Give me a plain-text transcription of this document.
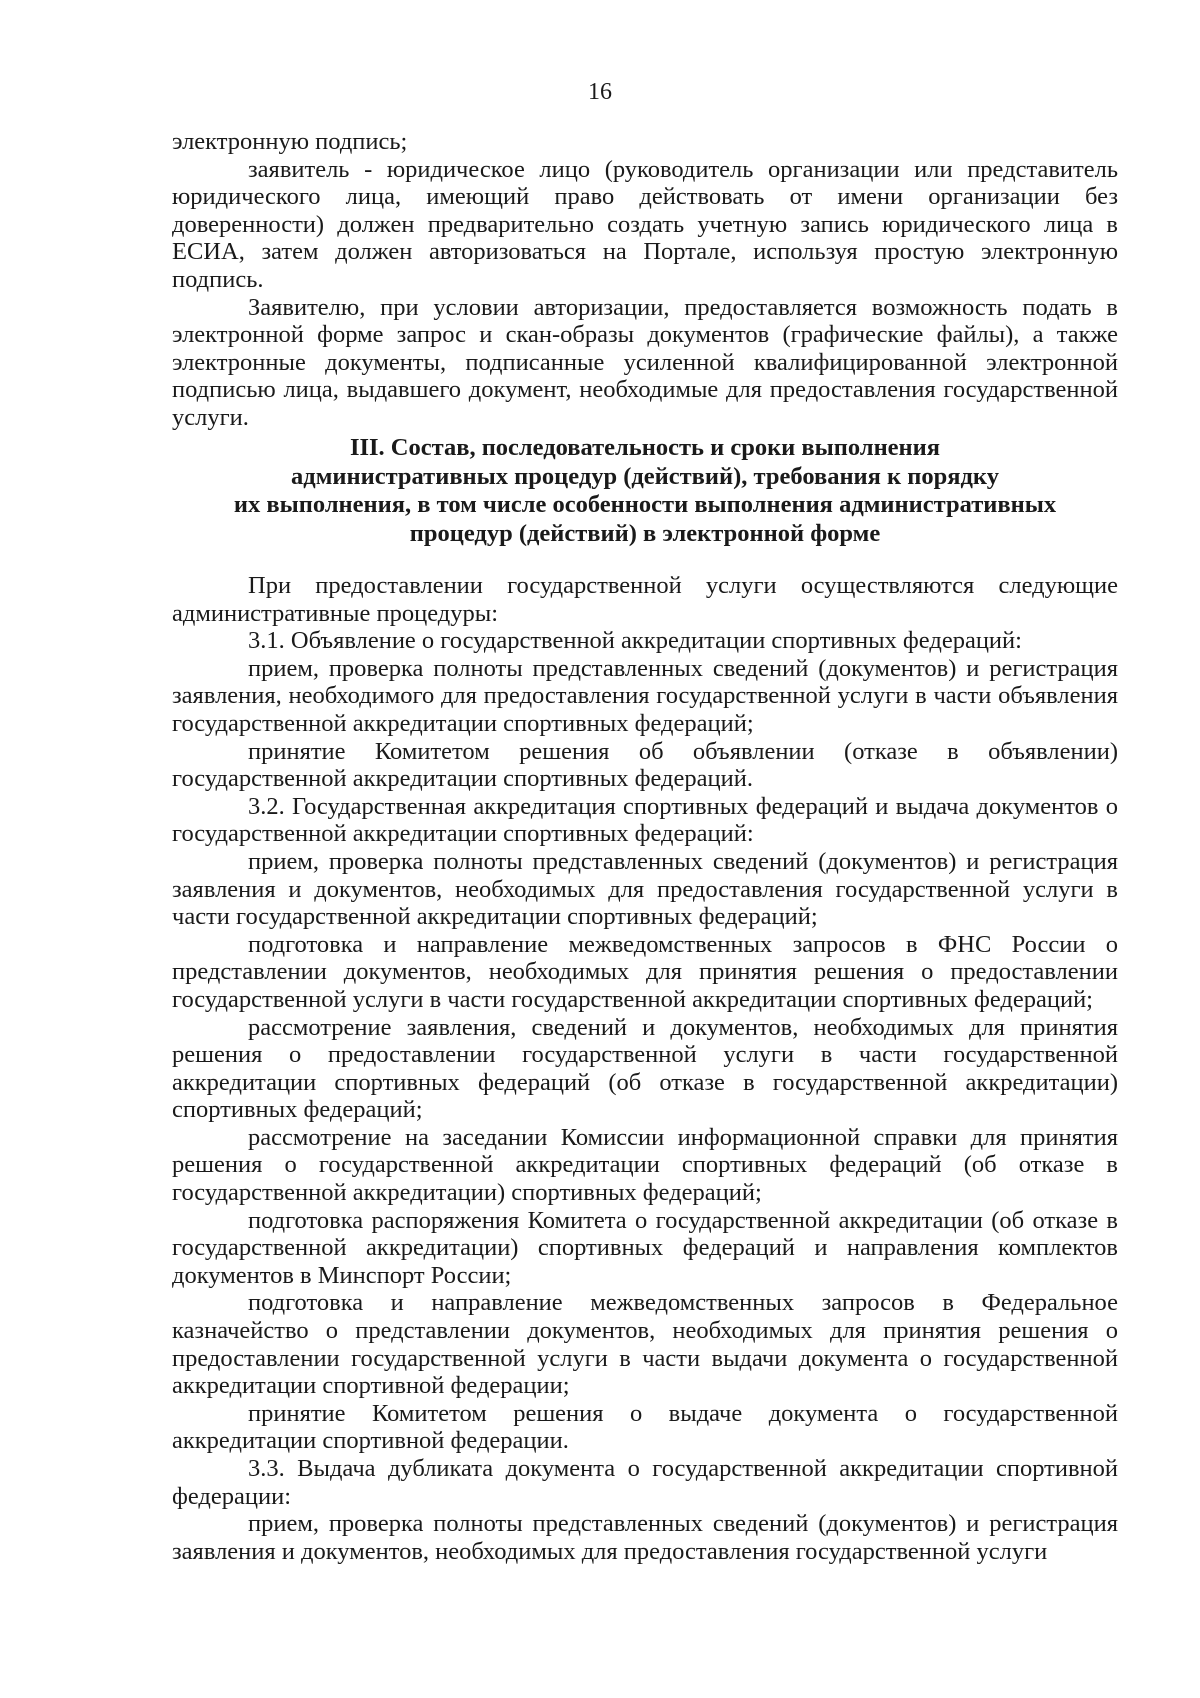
16

электронную подпись;

заявитель - юридическое лицо (руководитель организации или представитель юридического лица, имеющий право действовать от имени организации без доверенности) должен предварительно создать учетную запись юридического лица в ЕСИА, затем должен авторизоваться на Портале, используя простую электронную подпись.

Заявителю, при условии авторизации, предоставляется возможность подать в электронной форме запрос и скан-образы документов (графические файлы), а также электронные документы, подписанные усиленной квалифицированной электронной подписью лица, выдавшего документ, необходимые для предоставления государственной услуги.

III. Состав, последовательность и сроки выполнения
административных процедур (действий), требования к порядку
их выполнения, в том числе особенности выполнения административных
процедур (действий) в электронной форме

При предоставлении государственной услуги осуществляются следующие административные процедуры:

3.1. Объявление о государственной аккредитации спортивных федераций:

прием, проверка полноты представленных сведений (документов) и регистрация заявления, необходимого для предоставления государственной услуги в части объявления государственной аккредитации спортивных федераций;

принятие Комитетом решения об объявлении (отказе в объявлении) государственной аккредитации спортивных федераций.

3.2. Государственная аккредитация спортивных федераций и выдача документов о государственной аккредитации спортивных федераций:

прием, проверка полноты представленных сведений (документов) и регистрация заявления и документов, необходимых для предоставления государственной услуги в части государственной аккредитации спортивных федераций;

подготовка и направление межведомственных запросов в ФНС России о представлении документов, необходимых для принятия решения о предоставлении государственной услуги в части государственной аккредитации спортивных федераций;

рассмотрение заявления, сведений и документов, необходимых для принятия решения о предоставлении государственной услуги в части государственной аккредитации спортивных федераций (об отказе в государственной аккредитации) спортивных федераций;

рассмотрение на заседании Комиссии информационной справки для принятия решения о государственной аккредитации спортивных федераций (об отказе в государственной аккредитации) спортивных федераций;

подготовка распоряжения Комитета о государственной аккредитации (об отказе в государственной аккредитации) спортивных федераций и направления комплектов документов в Минспорт России;

подготовка и направление межведомственных запросов в Федеральное казначейство о представлении документов, необходимых для принятия решения о предоставлении государственной услуги в части выдачи документа о государственной аккредитации спортивной федерации;

принятие Комитетом решения о выдаче документа о государственной аккредитации спортивной федерации.

3.3. Выдача дубликата документа о государственной аккредитации спортивной федерации:

прием, проверка полноты представленных сведений (документов) и регистрация заявления и документов, необходимых для предоставления государственной услуги
